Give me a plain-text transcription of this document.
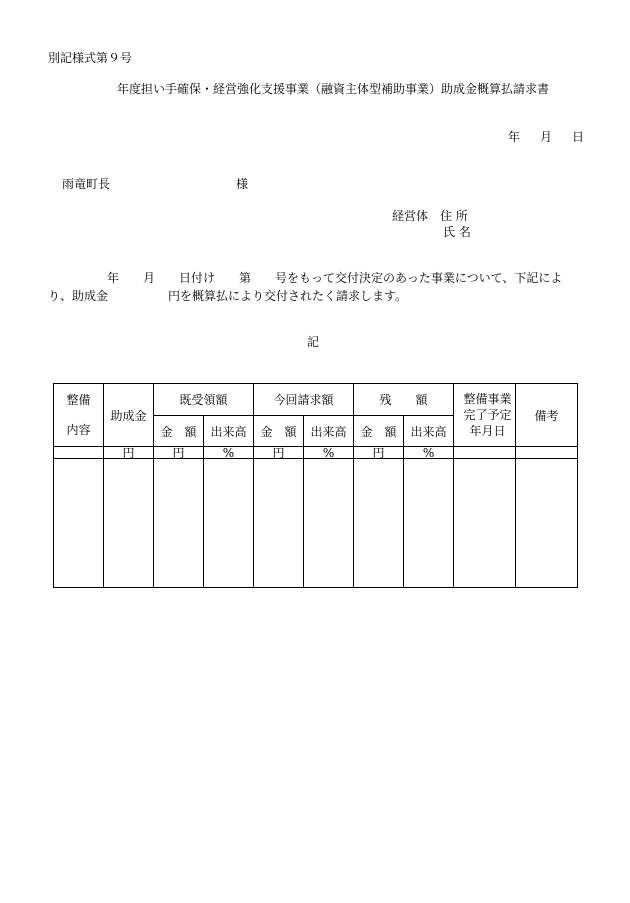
別記様式第９号
年度担い手確保・経営強化支援事業（融資主体型補助事業）助成金概算払請求書
年 月 日
雨竜町長	様
経営体　住 所
氏 名
年　　月　　日付け　　第　　号をもって交付決定のあった事業について、下記によ
り、助成金　　　　　円を概算払により交付されたく請求します。
記
整備
内容	助成金	既受領額		今回請求額		残　　額		整備事業
完了予定
年月日	備考
		金　額	出来高	金　額	出来高	金　額	出来高		
	円	円	%	円	%	円	%		
